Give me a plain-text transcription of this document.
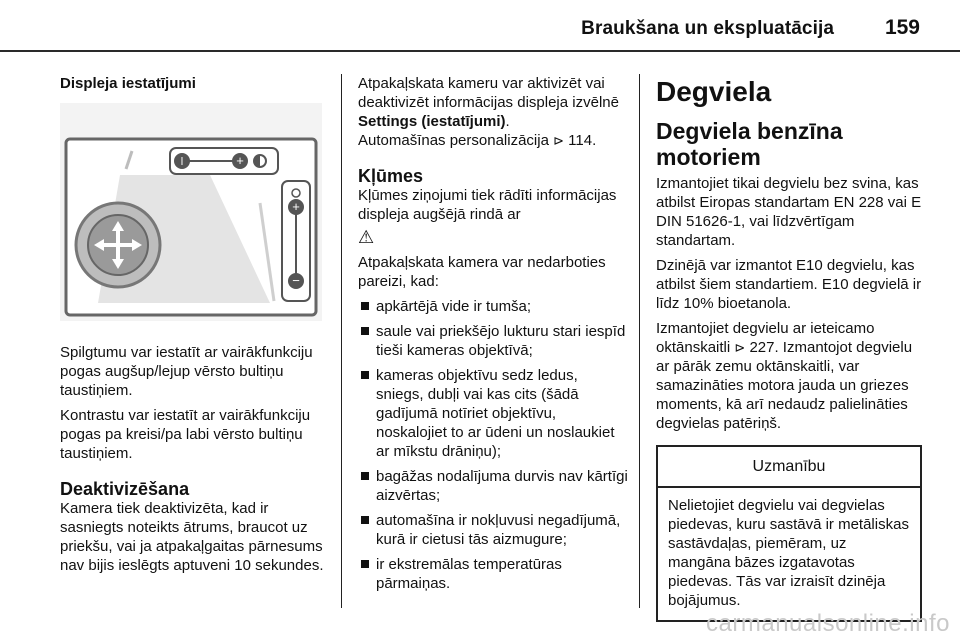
Braukšana un ekspluatācija 159
Displeja iestatījumi
l	+
+
−

Spilgtumu var iestatīt ar vairākfunkciju pogas augšup/lejup vērsto bultiņu taustiņiem.

Kontrastu var iestatīt ar vairākfunkciju pogas pa kreisi/pa labi vērsto bultiņu taustiņiem.

Deaktivizēšana

Kamera tiek deaktivizēta, kad ir sasniegts noteikts ātrums, braucot uz priekšu, vai ja atpakaļgaitas pārnesums nav bijis ieslēgts aptuveni 10 sekundes.

Atpakaļskata kameru var aktivizēt vai deaktivizēt informācijas displeja izvēlnē Settings (iestatījumi).
Automašīnas personalizācija ⊳ 114.

Kļūmes

Kļūmes ziņojumi tiek rādīti informācijas displeja augšējā rindā ar

⚠

Atpakaļskata kamera var nedarboties pareizi, kad:

apkārtējā vide ir tumša;
saule vai priekšējo lukturu stari iespīd tieši kameras objektīvā;
kameras objektīvu sedz ledus, sniegs, dubļi vai kas cits (šādā gadījumā notīriet objektīvu, noskalojiet to ar ūdeni un noslaukiet ar mīkstu drāniņu);
bagāžas nodalījuma durvis nav kārtīgi aizvērtas;
automašīna ir nokļuvusi negadījumā, kurā ir cietusi tās aizmugure;
ir ekstremālas temperatūras pārmaiņas.
Degviela
Degviela benzīna motoriem

Izmantojiet tikai degvielu bez svina, kas atbilst Eiropas standartam EN 228 vai E DIN 51626-1, vai līdzvērtīgam standartam.

Dzinējā var izmantot E10 degvielu, kas atbilst šiem standartiem. E10 degvielā ir līdz 10% bioetanola.

Izmantojiet degvielu ar ieteicamo oktānskaitli ⊳ 227. Izmantojot degvielu ar pārāk zemu oktānskaitli, var samazināties motora jauda un griezes moments, kā arī nedaudz palielināties degvielas patēriņš.

Uzmanību
Nelietojiet degvielu vai degvielas piedevas, kuru sastāvā ir metāliskas sastāvdaļas, piemēram, uz mangāna bāzes izgatavotas piedevas. Tās var izraisīt dzinēja bojājumus.
carmanualsonline.info
